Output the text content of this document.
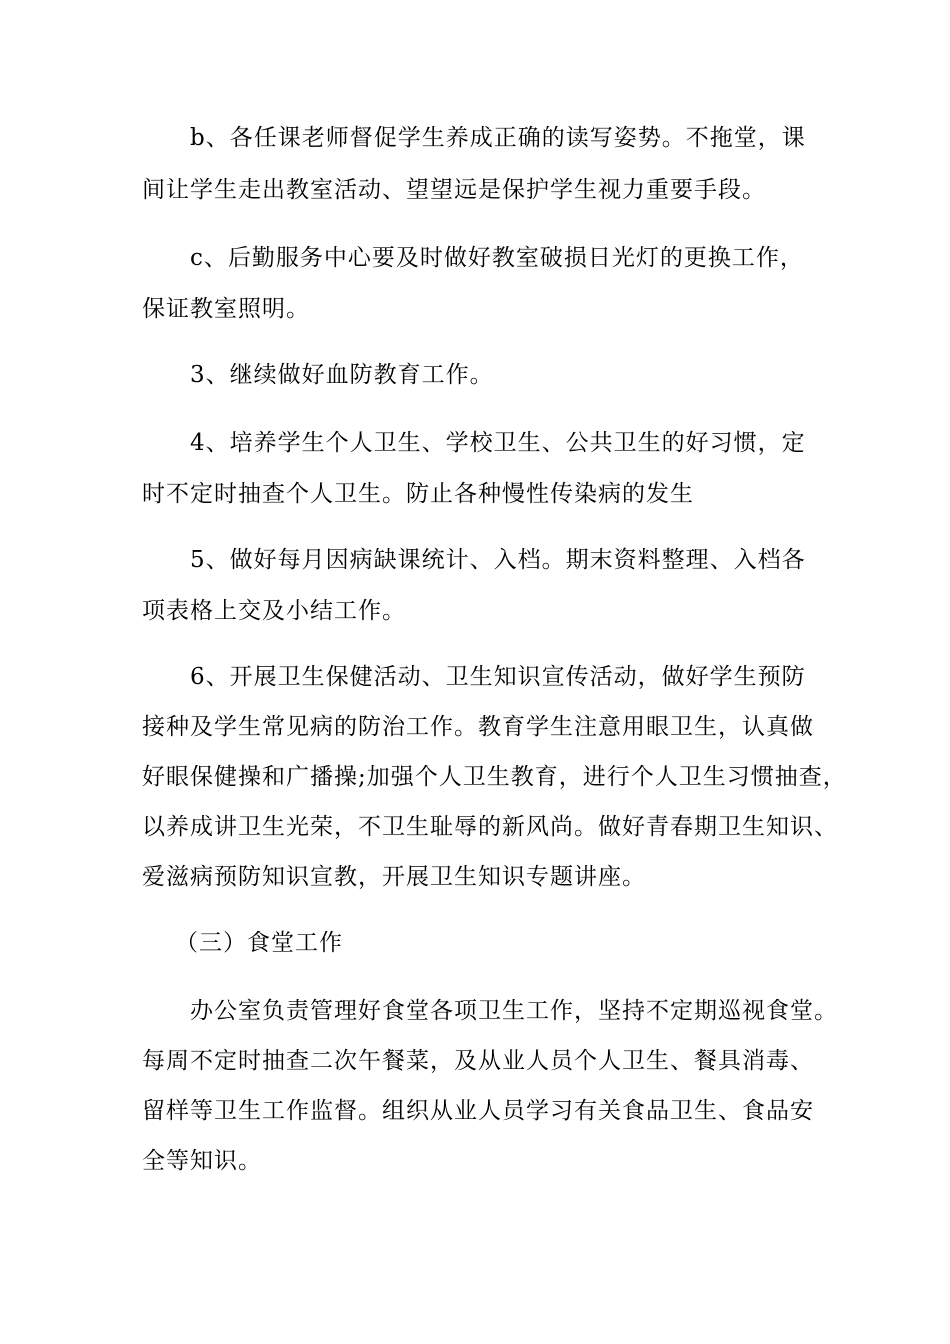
b、各任课老师督促学生养成正确的读写姿势。不拖堂，课
间让学生走出教室活动、望望远是保护学生视力重要手段。
c、后勤服务中心要及时做好教室破损日光灯的更换工作，
保证教室照明。
3、继续做好血防教育工作。
4、培养学生个人卫生、学校卫生、公共卫生的好习惯，定
时不定时抽查个人卫生。防止各种慢性传染病的发生
5、做好每月因病缺课统计、入档。期末资料整理、入档各
项表格上交及小结工作。
6、开展卫生保健活动、卫生知识宣传活动，做好学生预防
接种及学生常见病的防治工作。教育学生注意用眼卫生，认真做
好眼保健操和广播操;加强个人卫生教育，进行个人卫生习惯抽查，
以养成讲卫生光荣，不卫生耻辱的新风尚。做好青春期卫生知识、
爱滋病预防知识宣教，开展卫生知识专题讲座。
（三）食堂工作
办公室负责管理好食堂各项卫生工作，坚持不定期巡视食堂。
每周不定时抽查二次午餐菜，及从业人员个人卫生、餐具消毒、
留样等卫生工作监督。组织从业人员学习有关食品卫生、食品安
全等知识。
